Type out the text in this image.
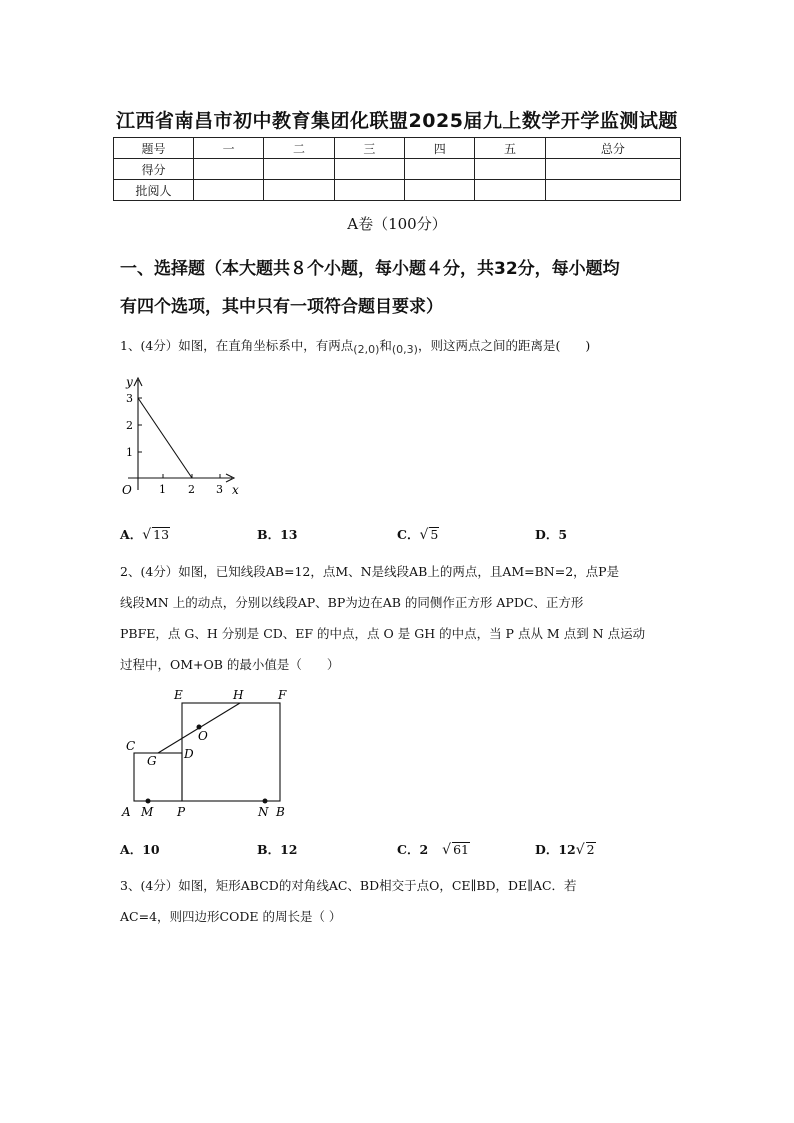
江西省南昌市初中教育集团化联盟2025届九上数学开学监测试题
题号	一	二	三	四	五	总分
得分						
批阅人						
A卷（100分）
一、选择题（本大题共８个小题，每小题４分，共32分，每小题均
有四个选项，其中只有一项符合题目要求）
1、(4分）如图，在直角坐标系中，有两点(2,0)和(0,3)，则这两点之间的距离是(　　)
y
x
O 1 2 3
1
2
3
A．√ 13	B．13	C．√ 5	D．5
2、(4分）如图，已知线段AB=12，点M、N是线段AB上的两点，且AM=BN=2，点P是
线段MN 上的动点，分别以线段AP、BP为边在AB 的同侧作正方形 APDC、正方形
PBFE，点 G、H 分别是 CD、EF 的中点，点 O 是 GH 的中点，当 P 点从 M 点到 N 点运动
过程中，OM+OB 的最小值是（　　）
E	H	F
O
C
G D
A M P	N B
A．10	B．12	C．2 √ 61	D．12√ 2
3、(4分）如图，矩形ABCD的对角线AC、BD相交于点O，CE∥BD，DE∥AC．若
AC=4，则四边形CODE 的周长是（ ）
